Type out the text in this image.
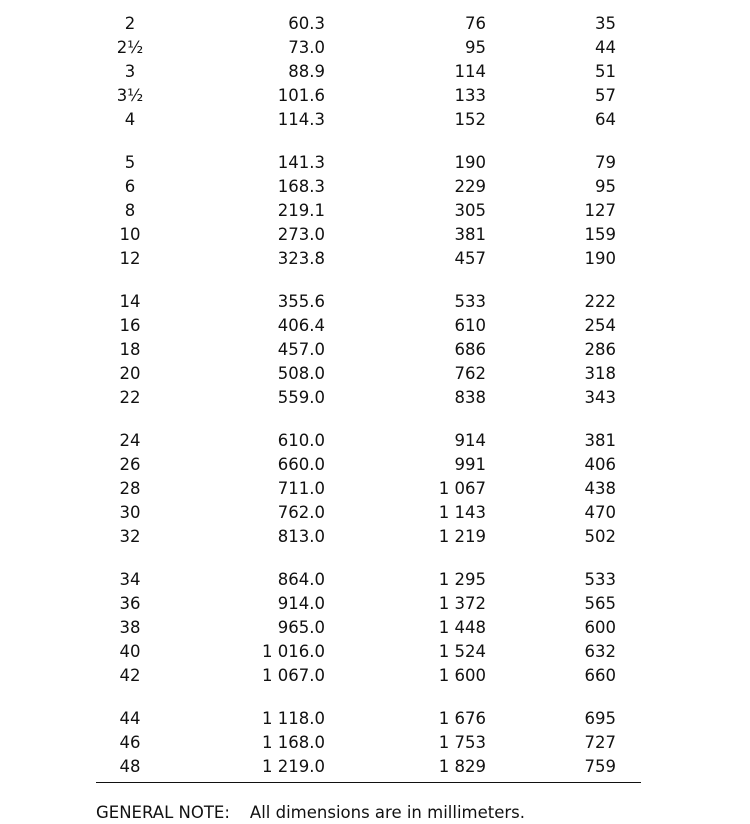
2	60.3	76	35
2½	73.0	95	44
3	88.9	114	51
3½	101.6	133	57
4	114.3	152	64
5	141.3	190	79
6	168.3	229	95
8	219.1	305	127
10	273.0	381	159
12	323.8	457	190
14	355.6	533	222
16	406.4	610	254
18	457.0	686	286
20	508.0	762	318
22	559.0	838	343
24	610.0	914	381
26	660.0	991	406
28	711.0	1 067	438
30	762.0	1 143	470
32	813.0	1 219	502
34	864.0	1 295	533
36	914.0	1 372	565
38	965.0	1 448	600
40	1 016.0	1 524	632
42	1 067.0	1 600	660
44	1 118.0	1 676	695
46	1 168.0	1 753	727
48	1 219.0	1 829	759
GENERAL NOTE: All dimensions are in millimeters.
